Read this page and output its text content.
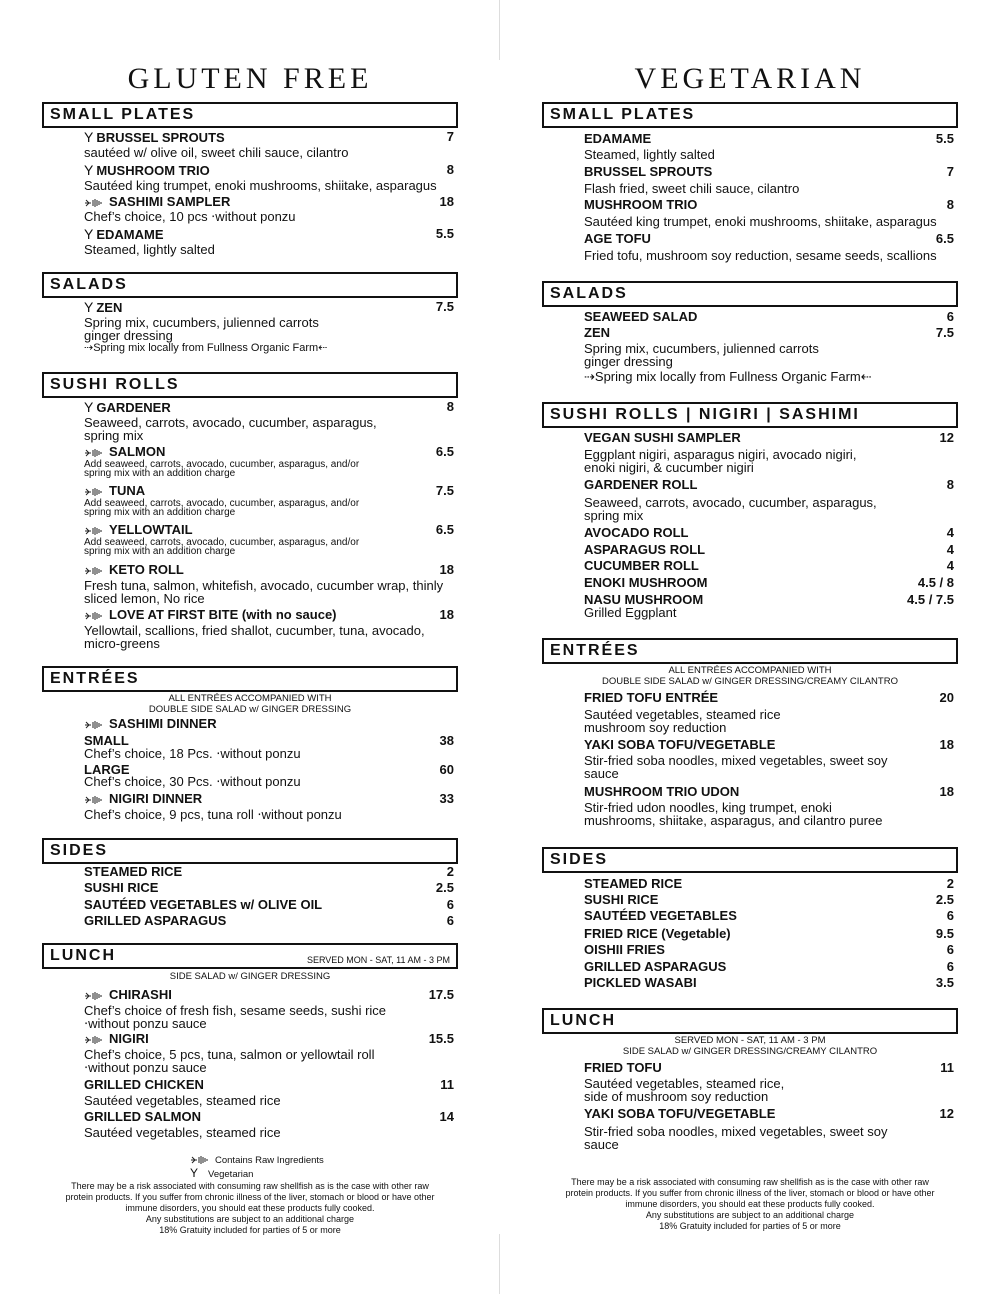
GLUTEN FREE
SMALL PLATES
Y BRUSSEL SPROUTS	7
sautéed w/ olive oil, sweet chili sauce, cilantro
Y MUSHROOM TRIO	8
Sautéed king trumpet, enoki mushrooms, shiitake, asparagus
SASHIMI SAMPLER	18
Chef’s choice, 10 pcs ‧without ponzu
Y EDAMAME	5.5
Steamed, lightly salted
SALADS
Y ZEN	7.5
Spring mix, cucumbers, julienned carrots
ginger dressing
⇢Spring mix locally from Fullness Organic Farm⇠
SUSHI ROLLS
Y GARDENER	8
Seaweed, carrots, avocado, cucumber, asparagus,
spring mix
SALMON	6.5
Add seaweed, carrots, avocado, cucumber, asparagus, and/or
spring mix with an addition charge
TUNA	7.5
Add seaweed, carrots, avocado, cucumber, asparagus, and/or
spring mix with an addition charge
YELLOWTAIL	6.5
Add seaweed, carrots, avocado, cucumber, asparagus, and/or
spring mix with an addition charge
KETO ROLL	18
Fresh tuna, salmon, whitefish, avocado, cucumber wrap, thinly
sliced lemon, No rice
LOVE AT FIRST BITE (with no sauce)	18
Yellowtail, scallions, fried shallot, cucumber, tuna, avocado,
micro-greens
ENTRÉES
ALL ENTRÉES ACCOMPANIED WITH
DOUBLE SIDE SALAD w/ GINGER DRESSING
SASHIMI DINNER
SMALL	38
Chef’s choice, 18 Pcs. ‧without ponzu
LARGE	60
Chef’s choice, 30 Pcs. ‧without ponzu
NIGIRI DINNER	33
Chef’s choice, 9 pcs, tuna roll ‧without ponzu
SIDES
STEAMED RICE	2
SUSHI RICE	2.5
SAUTÉED VEGETABLES w/ OLIVE OIL	6
GRILLED ASPARAGUS	6
LUNCH	SERVED MON - SAT, 11 AM - 3 PM
SIDE SALAD w/ GINGER DRESSING
CHIRASHI	17.5
Chef’s choice of fresh fish, sesame seeds, sushi rice
‧without ponzu sauce
NIGIRI	15.5
Chef’s choice, 5 pcs, tuna, salmon or yellowtail roll
‧without ponzu sauce
GRILLED CHICKEN	11
Sautéed vegetables, steamed rice
GRILLED SALMON	14
Sautéed vegetables, steamed rice
Contains Raw Ingredients
Y Vegetarian
There may be a risk associated with consuming raw shellfish as is the case with other raw
protein products. If you suffer from chronic illness of the liver, stomach or blood or have other
immune disorders, you should eat these products fully cooked.
Any substitutions are subject to an additional charge
18% Gratuity included for parties of 5 or more
VEGETARIAN
SMALL PLATES
EDAMAME	5.5
Steamed, lightly salted
BRUSSEL SPROUTS	7
Flash fried, sweet chili sauce, cilantro
MUSHROOM TRIO	8
Sautéed king trumpet, enoki mushrooms, shiitake, asparagus
AGE TOFU	6.5
Fried tofu, mushroom soy reduction, sesame seeds, scallions
SALADS
SEAWEED SALAD	6
ZEN	7.5
Spring mix, cucumbers, julienned carrots
ginger dressing
⇢Spring mix locally from Fullness Organic Farm⇠
SUSHI ROLLS | NIGIRI | SASHIMI
VEGAN SUSHI SAMPLER	12
Eggplant nigiri, asparagus nigiri, avocado nigiri,
enoki nigiri, & cucumber nigiri
GARDENER ROLL	8
Seaweed, carrots, avocado, cucumber, asparagus,
spring mix
AVOCADO ROLL	4
ASPARAGUS ROLL	4
CUCUMBER ROLL	4
ENOKI MUSHROOM	4.5 / 8
NASU MUSHROOM	4.5 / 7.5
Grilled Eggplant
ENTRÉES
ALL ENTRÉES ACCOMPANIED WITH
DOUBLE SIDE SALAD w/ GINGER DRESSING/CREAMY CILANTRO
FRIED TOFU ENTRÉE	20
Sautéed vegetables, steamed rice
mushroom soy reduction
YAKI SOBA TOFU/VEGETABLE	18
Stir-fried soba noodles, mixed vegetables, sweet soy
sauce
MUSHROOM TRIO UDON	18
Stir-fried udon noodles, king trumpet, enoki
mushrooms, shiitake, asparagus, and cilantro puree
SIDES
STEAMED RICE	2
SUSHI RICE	2.5
SAUTÉED VEGETABLES	6
FRIED RICE (Vegetable)	9.5
OISHII FRIES	6
GRILLED ASPARAGUS	6
PICKLED WASABI	3.5
LUNCH
SERVED MON - SAT, 11 AM - 3 PM
SIDE SALAD w/ GINGER DRESSING/CREAMY CILANTRO
FRIED TOFU	11
Sautéed vegetables, steamed rice,
side of mushroom soy reduction
YAKI SOBA TOFU/VEGETABLE	12
Stir-fried soba noodles, mixed vegetables, sweet soy
sauce
There may be a risk associated with consuming raw shellfish as is the case with other raw
protein products. If you suffer from chronic illness of the liver, stomach or blood or have other
immune disorders, you should eat these products fully cooked.
Any substitutions are subject to an additional charge
18% Gratuity included for parties of 5 or more
